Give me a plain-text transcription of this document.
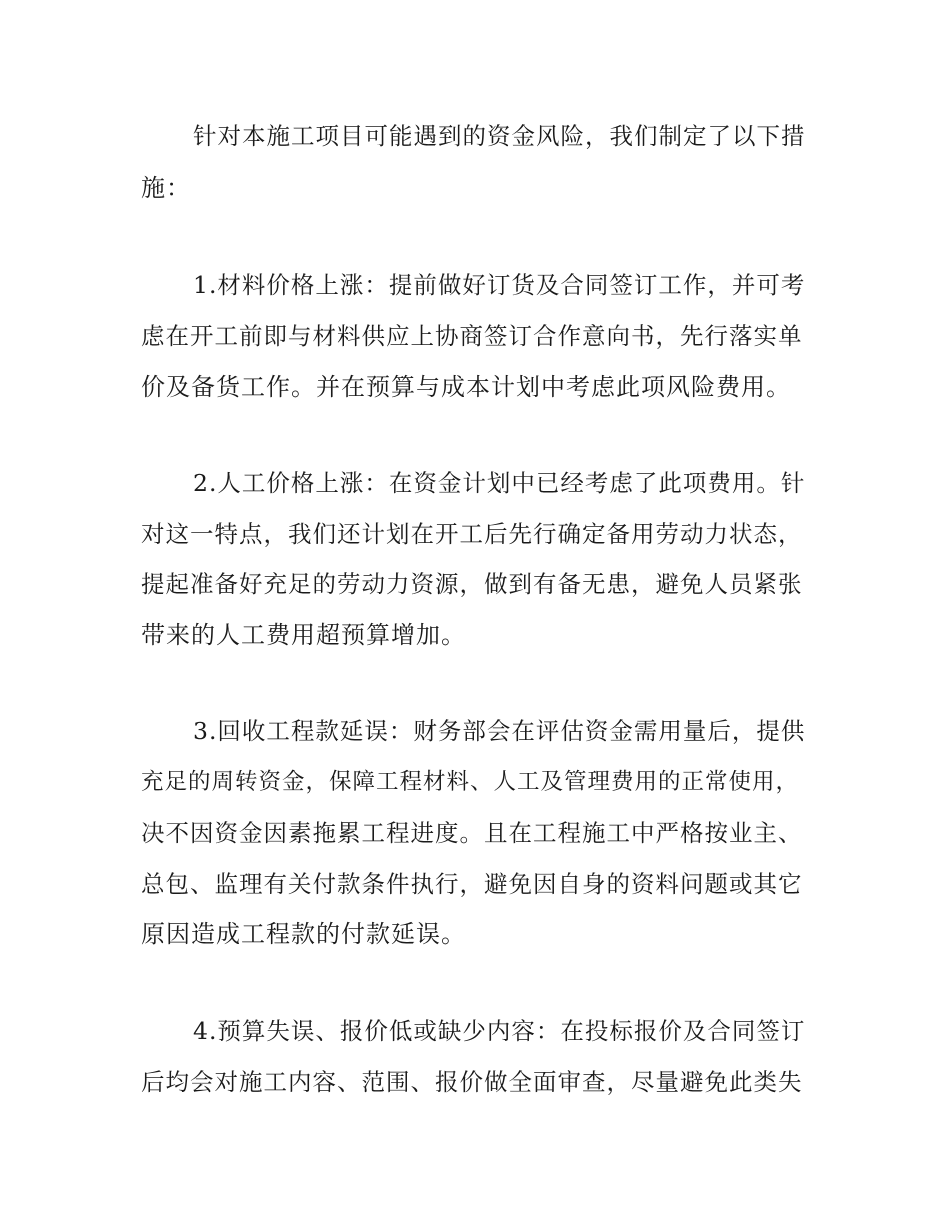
针对本施工项目可能遇到的资金风险，我们制定了以下措

施：

1.材料价格上涨：提前做好订货及合同签订工作，并可考

虑在开工前即与材料供应上协商签订合作意向书，先行落实单

价及备货工作。并在预算与成本计划中考虑此项风险费用。

2.人工价格上涨：在资金计划中已经考虑了此项费用。针

对这一特点，我们还计划在开工后先行确定备用劳动力状态，

提起准备好充足的劳动力资源，做到有备无患，避免人员紧张

带来的人工费用超预算增加。

3.回收工程款延误：财务部会在评估资金需用量后，提供

充足的周转资金，保障工程材料、人工及管理费用的正常使用，

决不因资金因素拖累工程进度。且在工程施工中严格按业主、

总包、监理有关付款条件执行，避免因自身的资料问题或其它

原因造成工程款的付款延误。

4.预算失误、报价低或缺少内容：在投标报价及合同签订

后均会对施工内容、范围、报价做全面审查，尽量避免此类失
